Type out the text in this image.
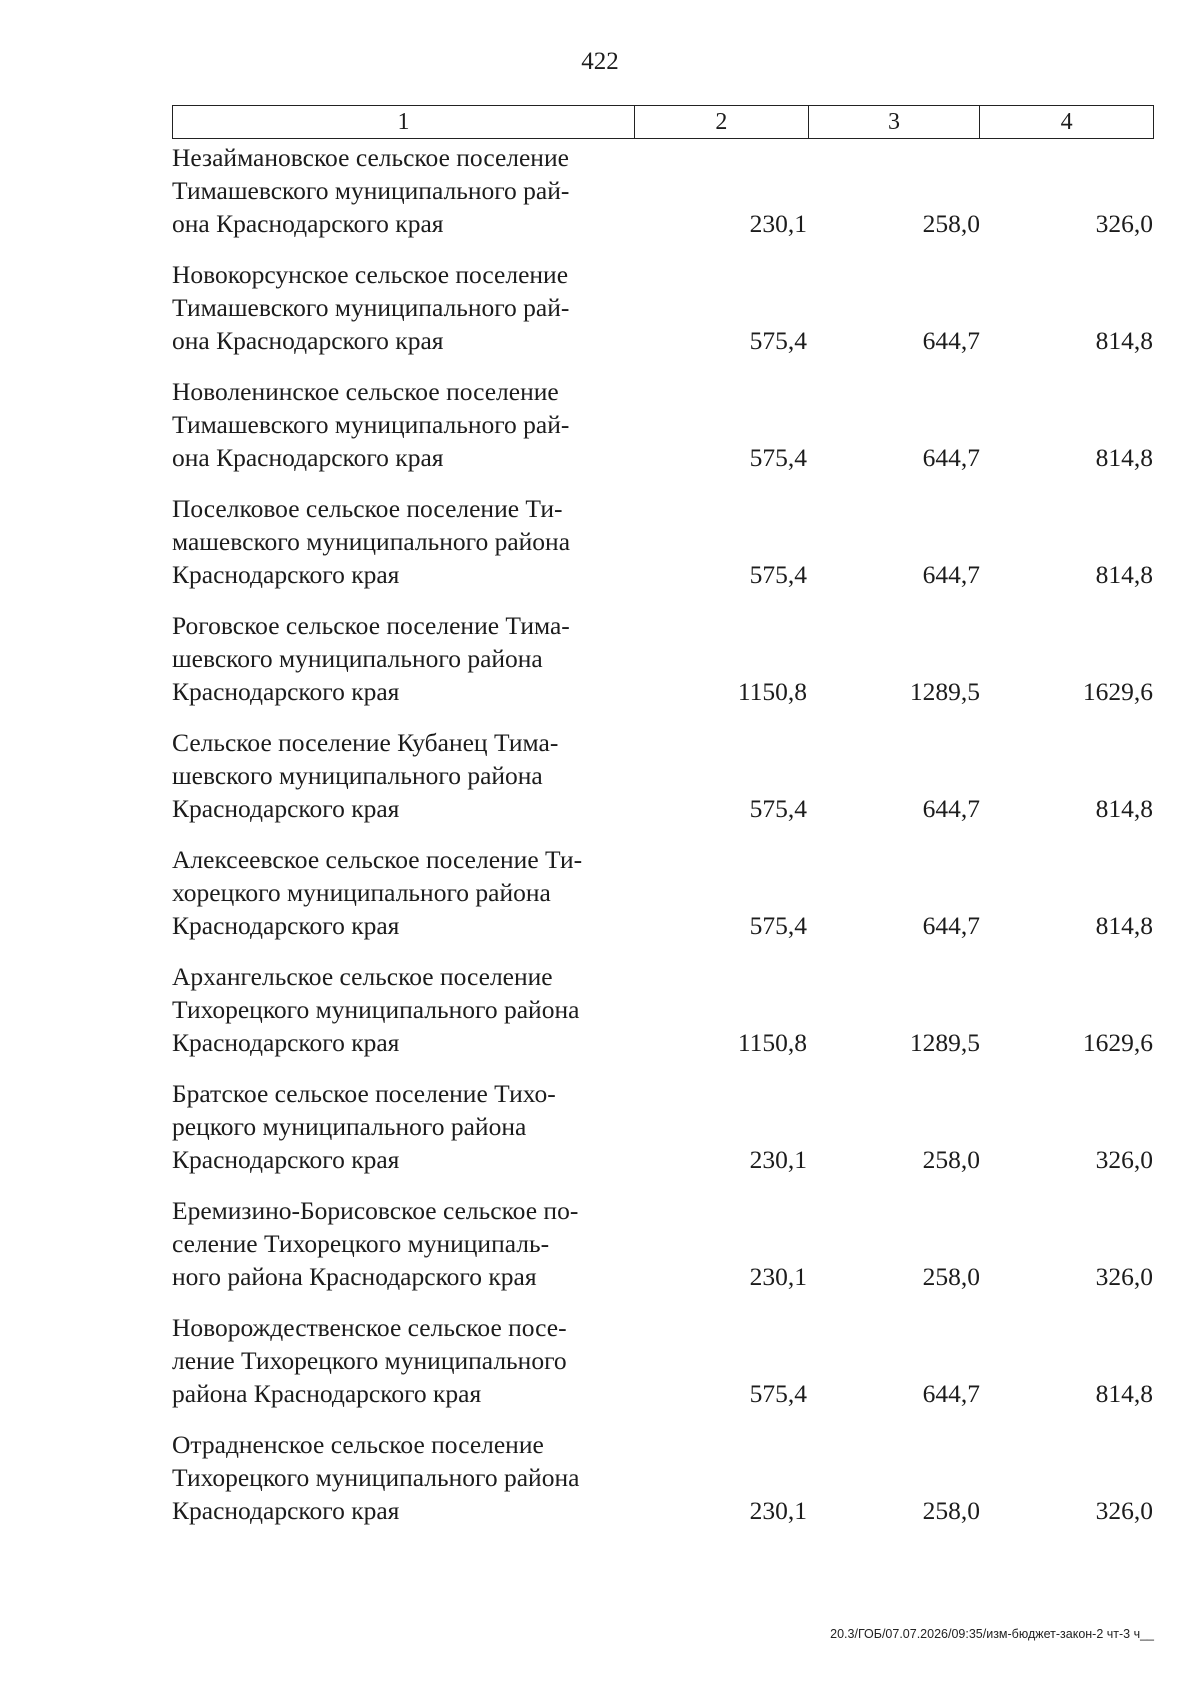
422
1	2	3	4
Незаймановское сельское поселение
Тимашевского муниципального рай-
она Краснодарского края	230,1	258,0	326,0
Новокорсунское сельское поселение
Тимашевского муниципального рай-
она Краснодарского края	575,4	644,7	814,8
Новоленинское сельское поселение
Тимашевского муниципального рай-
она Краснодарского края	575,4	644,7	814,8
Поселковое сельское поселение Ти-
машевского муниципального района
Краснодарского края	575,4	644,7	814,8
Роговское сельское поселение Тима-
шевского муниципального района
Краснодарского края	1150,8	1289,5	1629,6
Сельское поселение Кубанец Тима-
шевского муниципального района
Краснодарского края	575,4	644,7	814,8
Алексеевское сельское поселение Ти-
хорецкого муниципального района
Краснодарского края	575,4	644,7	814,8
Архангельское сельское поселение
Тихорецкого муниципального района
Краснодарского края	1150,8	1289,5	1629,6
Братское сельское поселение Тихо-
рецкого муниципального района
Краснодарского края	230,1	258,0	326,0
Еремизино-Борисовское сельское по-
селение Тихорецкого муниципаль-
ного района Краснодарского края	230,1	258,0	326,0
Новорождественское сельское посе-
ление Тихорецкого муниципального
района Краснодарского края	575,4	644,7	814,8
Отрадненское сельское поселение
Тихорецкого муниципального района
Краснодарского края	230,1	258,0	326,0
20.3/ГОБ/07.07.2026/09:35/изм-бюджет-закон-2 чт-3 ч__
